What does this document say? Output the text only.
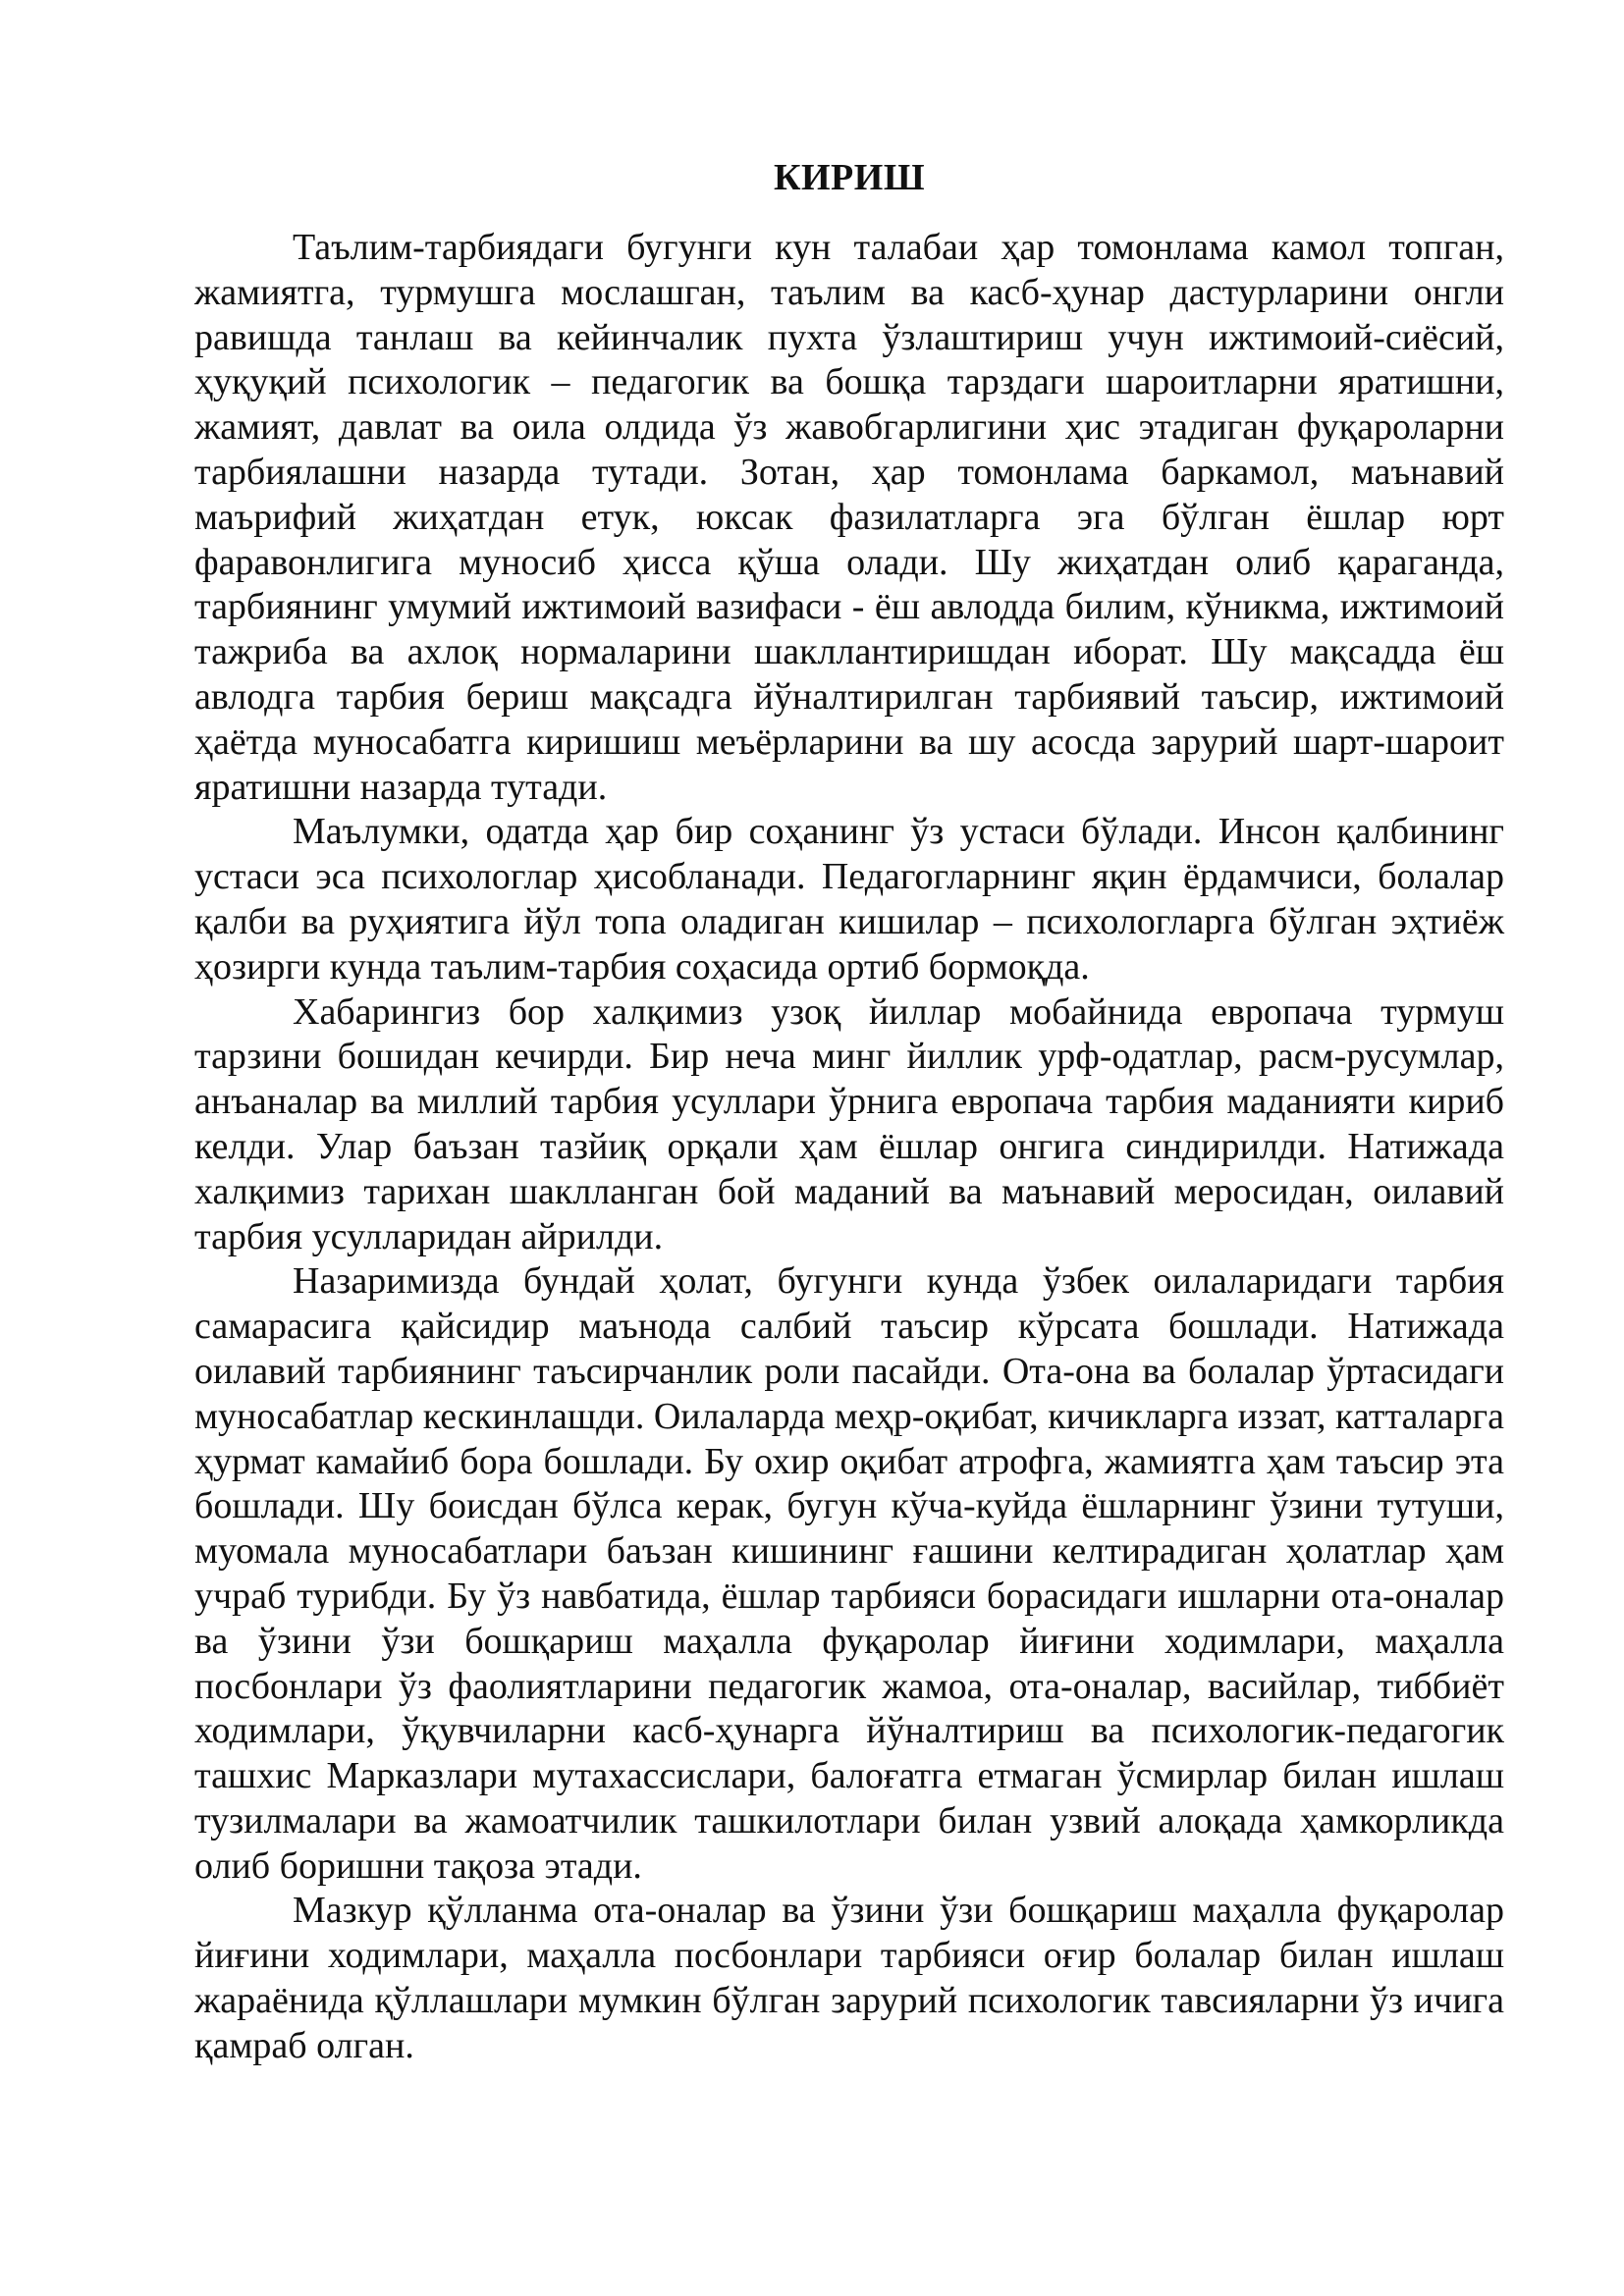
КИРИШ

Таълим-тарбиядаги бугунги кун талабаи ҳар томонлама камол топган, жамиятга, турмушга мослашган, таълим ва касб-ҳунар дастурларини онгли равишда танлаш ва кейинчалик пухта ўзлаштириш учун ижтимоий-сиёсий, ҳуқуқий психологик – педагогик ва бошқа тарздаги шароитларни яратишни, жамият, давлат ва оила олдида ўз жавобгарлигини ҳис этадиган фуқароларни тарбиялашни назарда тутади. Зотан, ҳар томонлама баркамол, маънавий маърифий жиҳатдан етук, юксак фазилатларга эга бўлган ёшлар юрт фаравонлигига муносиб ҳисса қўша олади. Шу жиҳатдан олиб қараганда, тарбиянинг умумий ижтимоий вазифаси - ёш авлодда билим, кўникма, ижтимоий тажриба ва ахлоқ нормаларини шакллантиришдан иборат. Шу мақсадда ёш авлодга тарбия бериш мақсадга йўналтирилган тарбиявий таъсир, ижтимоий ҳаётда муносабатга киришиш меъёрларини ва шу асосда зарурий шарт-шароит яратишни назарда тутади.

Маълумки, одатда ҳар бир соҳанинг ўз устаси бўлади. Инсон қалбининг устаси эса психологлар ҳисобланади. Педагогларнинг яқин ёрдамчиси, болалар қалби ва руҳиятига йўл топа оладиган кишилар – психологларга бўлган эҳтиёж ҳозирги кунда таълим-тарбия соҳасида ортиб бормоқда.

Хабарингиз бор халқимиз узоқ йиллар мобайнида европача турмуш тарзини бошидан кечирди. Бир неча минг йиллик урф-одатлар, расм-русумлар, анъаналар ва миллий тарбия усуллари ўрнига европача тарбия маданияти кириб келди. Улар баъзан тазйиқ орқали ҳам ёшлар онгига синдирилди. Натижада халқимиз тарихан шаклланган бой маданий ва маънавий меросидан, оилавий тарбия усулларидан айрилди.

Назаримизда бундай ҳолат, бугунги кунда ўзбек оилаларидаги тарбия самарасига қайсидир маънода салбий таъсир кўрсата бошлади. Натижада оилавий тарбиянинг таъсирчанлик роли пасайди. Ота-она ва болалар ўртасидаги муносабатлар кескинлашди. Оилаларда меҳр-оқибат, кичикларга иззат, катталарга ҳурмат камайиб бора бошлади. Бу охир оқибат атрофга, жамиятга ҳам таъсир эта бошлади. Шу боисдан бўлса керак, бугун кўча-куйда ёшларнинг ўзини тутуши, муомала муносабатлари баъзан кишининг ғашини келтирадиган ҳолатлар ҳам учраб турибди. Бу ўз навбатида, ёшлар тарбияси борасидаги ишларни ота-оналар ва ўзини ўзи бошқариш маҳалла фуқаролар йиғини ходимлари, маҳалла посбонлари ўз фаолиятларини педагогик жамоа, ота-оналар, васийлар, тиббиёт ходимлари, ўқувчиларни касб-ҳунарга йўналтириш ва психологик-педагогик ташхис Марказлари мутахассислари, балоғатга етмаган ўсмирлар билан ишлаш тузилмалари ва жамоатчилик ташкилотлари билан узвий алоқада ҳамкорликда олиб боришни тақоза этади.

Мазкур қўлланма ота-оналар ва ўзини ўзи бошқариш маҳалла фуқаролар йиғини ходимлари, маҳалла посбонлари тарбияси оғир болалар билан ишлаш жараёнида қўллашлари мумкин бўлган зарурий психологик тавсияларни ўз ичига қамраб олган.
